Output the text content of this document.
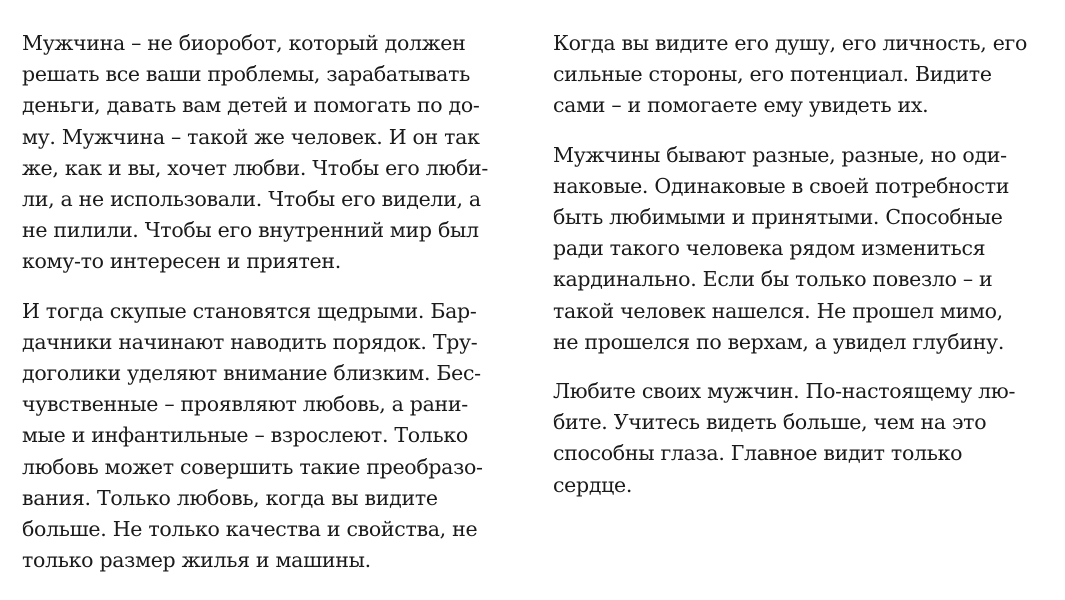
Мужчина – не биоробот, который должен
решать все ваши проблемы, зарабатывать
деньги, давать вам детей и помогать по до-
му. Мужчина – такой же человек. И он так
же, как и вы, хочет любви. Чтобы его люби-
ли, а не использовали. Чтобы его видели, а
не пилили. Чтобы его внутренний мир был
кому-то интересен и приятен.
И тогда скупые становятся щедрыми. Бар-
дачники начинают наводить порядок. Тру-
доголики уделяют внимание близким. Бес-
чувственные – проявляют любовь, а рани-
мые и инфантильные – взрослеют. Только
любовь может совершить такие преобразо-
вания. Только любовь, когда вы видите
больше. Не только качества и свойства, не
только размер жилья и машины.
Когда вы видите его душу, его личность, его
сильные стороны, его потенциал. Видите
сами – и помогаете ему увидеть их.
Мужчины бывают разные, разные, но оди-
наковые. Одинаковые в своей потребности
быть любимыми и принятыми. Способные
ради такого человека рядом измениться
кардинально. Если бы только повезло – и
такой человек нашелся. Не прошел мимо,
не прошелся по верхам, а увидел глубину.
Любите своих мужчин. По-настоящему лю-
бите. Учитесь видеть больше, чем на это
способны глаза. Главное видит только
сердце.
